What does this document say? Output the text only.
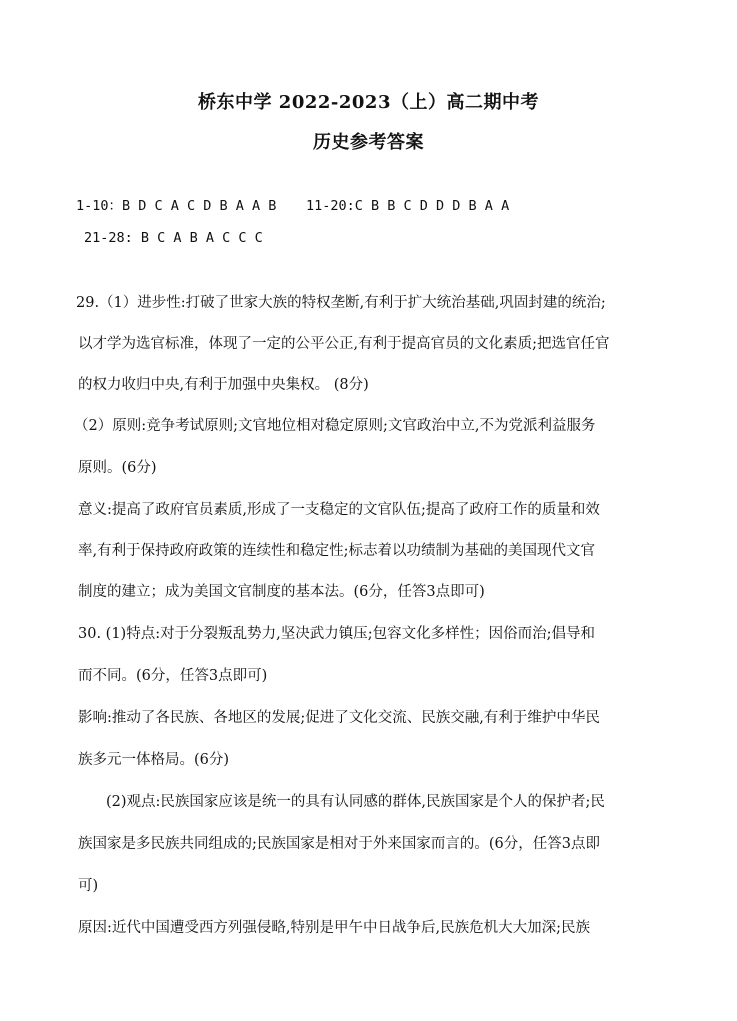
桥东中学 2022-2023（上）高二期中考
历史参考答案
1-10：B D C A C D B A A B 11-20:C B B C D D D B A A
21-28: B C A B A C C C
29.（1）进步性:打破了世家大族的特权垄断,有利于扩大统治基础,巩固封建的统治;
以才学为选官标准，体现了一定的公平公正,有利于提高官员的文化素质;把选官任官
的权力收归中央,有利于加强中央集权。 (8分)
（2）原则:竞争考试原则;文官地位相对稳定原则;文官政治中立,不为党派利益服务
原则。(6分)
意义:提高了政府官员素质,形成了一支稳定的文官队伍;提高了政府工作的质量和效
率,有利于保持政府政策的连续性和稳定性;标志着以功绩制为基础的美国现代文官
制度的建立；成为美国文官制度的基本法。(6分，任答3点即可)
30. (1)特点:对于分裂叛乱势力,坚决武力镇压;包容文化多样性；因俗而治;倡导和
而不同。(6分，任答3点即可)
影响:推动了各民族、各地区的发展;促进了文化交流、民族交融,有利于维护中华民
族多元一体格局。(6分)
(2)观点:民族国家应该是统一的具有认同感的群体,民族国家是个人的保护者;民
族国家是多民族共同组成的;民族国家是相对于外来国家而言的。(6分，任答3点即
可)
原因:近代中国遭受西方列强侵略,特别是甲午中日战争后,民族危机大大加深;民族
